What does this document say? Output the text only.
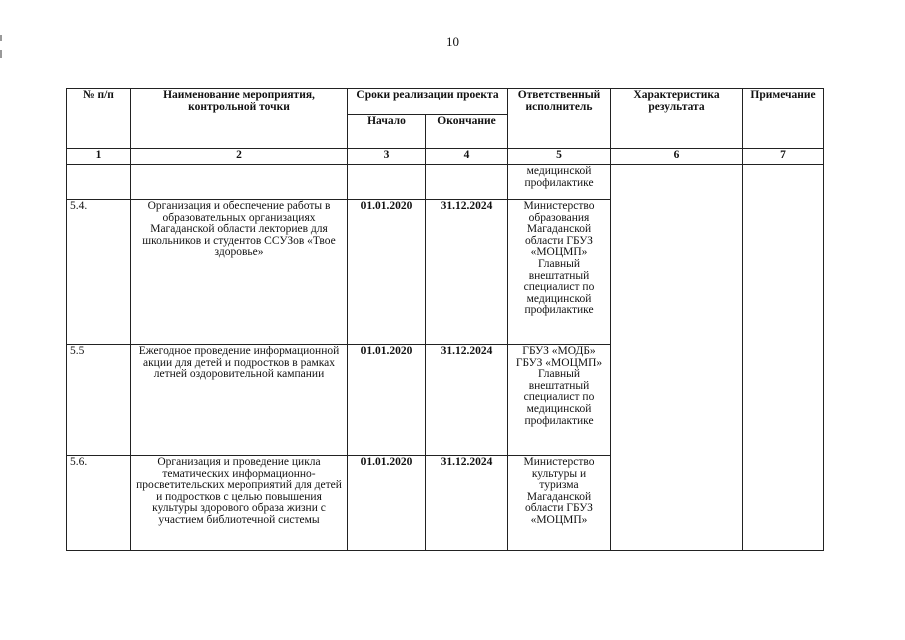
10
№ п/п	Наименование мероприятия, контрольной точки	Сроки реализации проекта		Ответственный исполнитель	Характеристика результата	Примечание
		Начало	Окончание			
1	2	3	4	5	6	7
				медицинской профилактике		
5.4.	Организация и обеспечение работы в образовательных организациях Магаданской области лекториев для школьников и студентов ССУЗов «Твое здоровье»	01.01.2020	31.12.2024	Министерство образования Магаданской области ГБУЗ «МОЦМП» Главный внештатный специалист по медицинской профилактике		
5.5	Ежегодное проведение информационной акции для детей и подростков в рамках летней оздоровительной кампании	01.01.2020	31.12.2024	ГБУЗ «МОДБ» ГБУЗ «МОЦМП» Главный внештатный специалист по медицинской профилактике		
5.6.	Организация и проведение цикла тематических информационно-просветительских мероприятий для детей и подростков с целью повышения культуры здорового образа жизни с участием библиотечной системы	01.01.2020	31.12.2024	Министерство культуры и туризма Магаданской области ГБУЗ «МОЦМП»		
